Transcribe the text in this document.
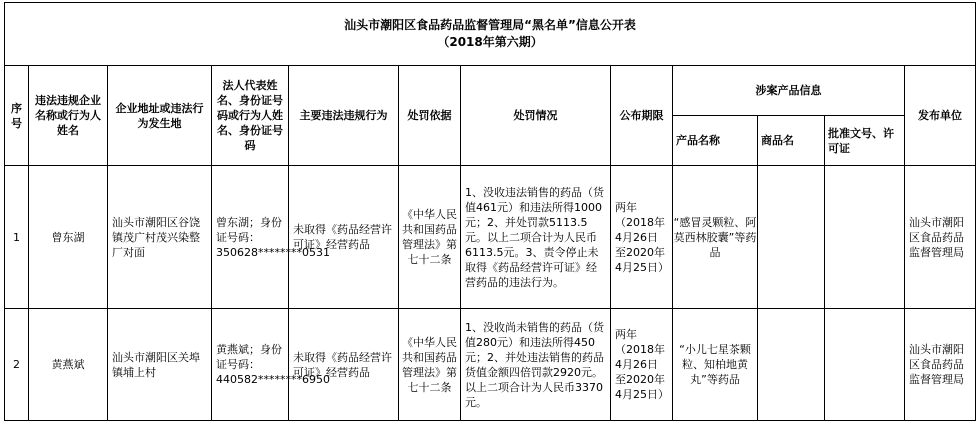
汕头市潮阳区食品药品监督管理局“黑名单”信息公开表
（2018年第六期）											

序号	违法违规企业名称或行为人姓名	企业地址或违法行为发生地	法人代表姓名、身份证号码或行为人姓名、身份证号码	主要违法违规行为	处罚依据	处罚情况	公布期限	涉案产品信息			发布单位
								产品名称	商品名	批准文号、许可证	
1	曾东湖	汕头市潮阳区谷饶镇茂广村茂兴染整厂对面	曾东湖；身份证号码：350628********0531	未取得《药品经营许可证》经营药品	《中华人民共和国药品管理法》第七十二条	1、没收违法销售的药品（货值461元）和违法所得1000元；2、并处罚款5113.5元。以上二项合计为人民币6113.5元。3、责令停止未取得《药品经营许可证》经营药品的违法行为。	两年（2018年4月26日至2020年4月25日）	“感冒灵颗粒、阿莫西林胶囊”等药品			汕头市潮阳区食品药品监督管理局
2	黄燕斌	汕头市潮阳区关埠镇埔上村	黄燕斌；身份证号码：440582********6950	未取得《药品经营许可证》经营药品	《中华人民共和国药品管理法》第七十二条	1、没收尚未销售的药品（货值280元）和违法所得450元；2、并处违法销售的药品货值金额四倍罚款2920元。以上二项合计为人民币3370元。	两年（2018年4月26日至2020年4月25日）	“小儿七星茶颗粒、知柏地黄丸”等药品			汕头市潮阳区食品药品监督管理局
